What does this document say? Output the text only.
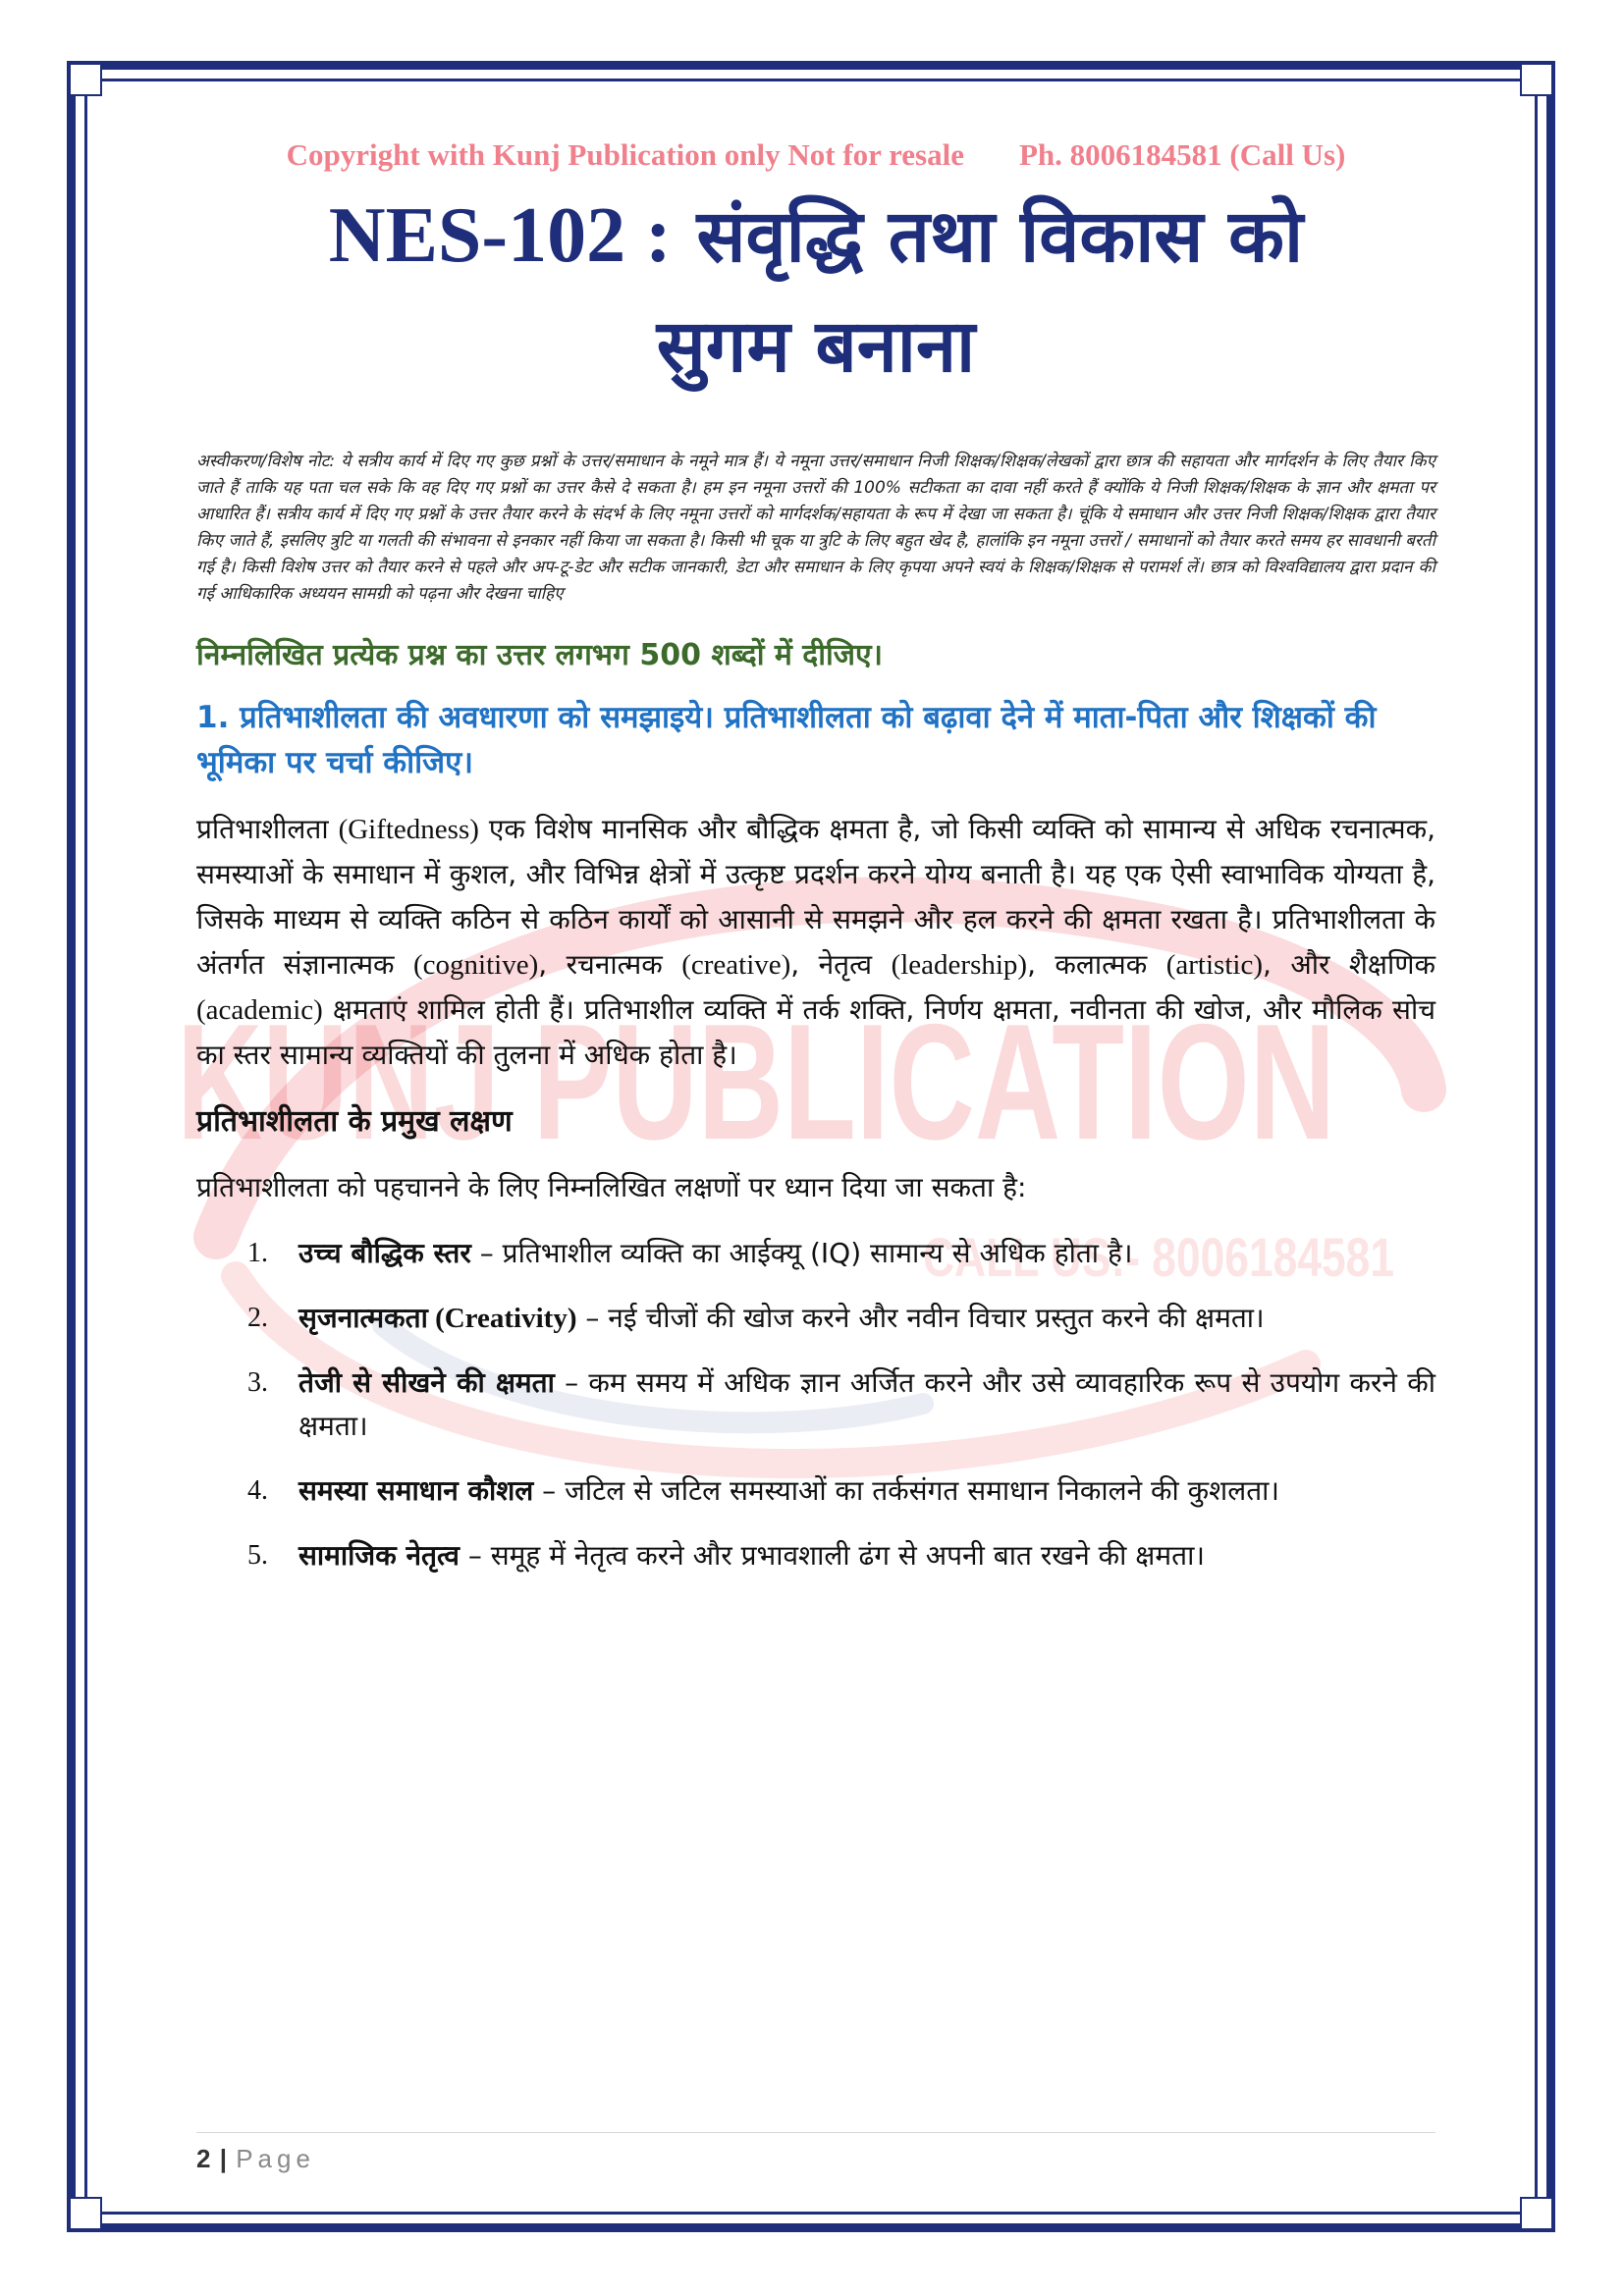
KUNJ PUBLICATION
CALL US:- 8006184581
Copyright with Kunj Publication only Not for resale Ph. 8006184581 (Call Us)
NES-102 : संवृद्धि तथा विकास को
सुगम बनाना

अस्वीकरण/विशेष नोट: ये सत्रीय कार्य में दिए गए कुछ प्रश्नों के उत्तर/समाधान के नमूने मात्र हैं। ये नमूना उत्तर/समाधान निजी शिक्षक/शिक्षक/लेखकों द्वारा छात्र की सहायता और मार्गदर्शन के लिए तैयार किए जाते हैं ताकि यह पता चल सके कि वह दिए गए प्रश्नों का उत्तर कैसे दे सकता है। हम इन नमूना उत्तरों की 100% सटीकता का दावा नहीं करते हैं क्योंकि ये निजी शिक्षक/शिक्षक के ज्ञान और क्षमता पर आधारित हैं। सत्रीय कार्य में दिए गए प्रश्नों के उत्तर तैयार करने के संदर्भ के लिए नमूना उत्तरों को मार्गदर्शक/सहायता के रूप में देखा जा सकता है। चूंकि ये समाधान और उत्तर निजी शिक्षक/शिक्षक द्वारा तैयार किए जाते हैं, इसलिए त्रुटि या गलती की संभावना से इनकार नहीं किया जा सकता है। किसी भी चूक या त्रुटि के लिए बहुत खेद है, हालांकि इन नमूना उत्तरों / समाधानों को तैयार करते समय हर सावधानी बरती गई है। किसी विशेष उत्तर को तैयार करने से पहले और अप-टू-डेट और सटीक जानकारी, डेटा और समाधान के लिए कृपया अपने स्वयं के शिक्षक/शिक्षक से परामर्श लें। छात्र को विश्वविद्यालय द्वारा प्रदान की गई आधिकारिक अध्ययन सामग्री को पढ़ना और देखना चाहिए

निम्नलिखित प्रत्येक प्रश्न का उत्तर लगभग 500 शब्दों में दीजिए।

1. प्रतिभाशीलता की अवधारणा को समझाइये। प्रतिभाशीलता को बढ़ावा देने में माता-पिता और शिक्षकों की भूमिका पर चर्चा कीजिए।

प्रतिभाशीलता (Giftedness) एक विशेष मानसिक और बौद्धिक क्षमता है, जो किसी व्यक्ति को सामान्य से अधिक रचनात्मक, समस्याओं के समाधान में कुशल, और विभिन्न क्षेत्रों में उत्कृष्ट प्रदर्शन करने योग्य बनाती है। यह एक ऐसी स्वाभाविक योग्यता है, जिसके माध्यम से व्यक्ति कठिन से कठिन कार्यों को आसानी से समझने और हल करने की क्षमता रखता है। प्रतिभाशीलता के अंतर्गत संज्ञानात्मक (cognitive), रचनात्मक (creative), नेतृत्व (leadership), कलात्मक (artistic), और शैक्षणिक (academic) क्षमताएं शामिल होती हैं। प्रतिभाशील व्यक्ति में तर्क शक्ति, निर्णय क्षमता, नवीनता की खोज, और मौलिक सोच का स्तर सामान्य व्यक्तियों की तुलना में अधिक होता है।

प्रतिभाशीलता के प्रमुख लक्षण

प्रतिभाशीलता को पहचानने के लिए निम्नलिखित लक्षणों पर ध्यान दिया जा सकता है:

1.	उच्च बौद्धिक स्तर – प्रतिभाशील व्यक्ति का आईक्यू (IQ) सामान्य से अधिक होता है।
2.	सृजनात्मकता (Creativity) – नई चीजों की खोज करने और नवीन विचार प्रस्तुत करने की क्षमता।
3.	तेजी से सीखने की क्षमता – कम समय में अधिक ज्ञान अर्जित करने और उसे व्यावहारिक रूप से उपयोग करने की क्षमता।
4.	समस्या समाधान कौशल – जटिल से जटिल समस्याओं का तर्कसंगत समाधान निकालने की कुशलता।
5.	सामाजिक नेतृत्व – समूह में नेतृत्व करने और प्रभावशाली ढंग से अपनी बात रखने की क्षमता।
2 | Page
